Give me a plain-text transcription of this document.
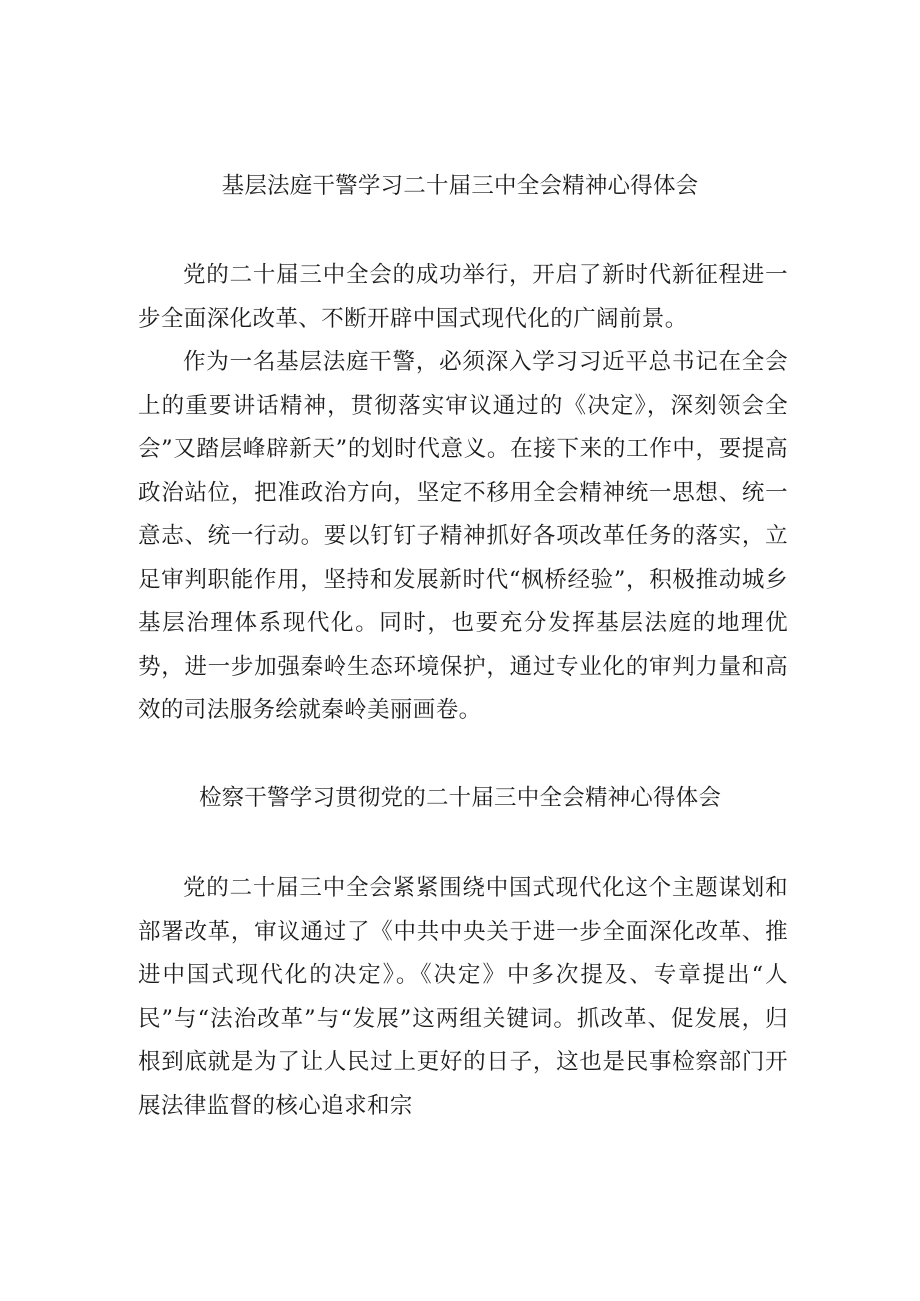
基层法庭干警学习二十届三中全会精神心得体会

党的二十届三中全会的成功举行，开启了新时代新征程进一步全面深化改革、不断开辟中国式现代化的广阔前景。

作为一名基层法庭干警，必须深入学习习近平总书记在全会上的重要讲话精神，贯彻落实审议通过的《决定》，深刻领会全会”又踏层峰辟新天”的划时代意义。在接下来的工作中，要提高政治站位，把准政治方向，坚定不移用全会精神统一思想、统一意志、统一行动。要以钉钉子精神抓好各项改革任务的落实，立足审判职能作用，坚持和发展新时代“枫桥经验”，积极推动城乡基层治理体系现代化。同时，也要充分发挥基层法庭的地理优势，进一步加强秦岭生态环境保护，通过专业化的审判力量和高效的司法服务绘就秦岭美丽画卷。

检察干警学习贯彻党的二十届三中全会精神心得体会

党的二十届三中全会紧紧围绕中国式现代化这个主题谋划和部署改革，审议通过了《中共中央关于进一步全面深化改革、推进中国式现代化的决定》。《决定》中多次提及、专章提出“人民”与“法治改革”与“发展”这两组关键词。抓改革、促发展，归根到底就是为了让人民过上更好的日子，这也是民事检察部门开展法律监督的核心追求和宗
